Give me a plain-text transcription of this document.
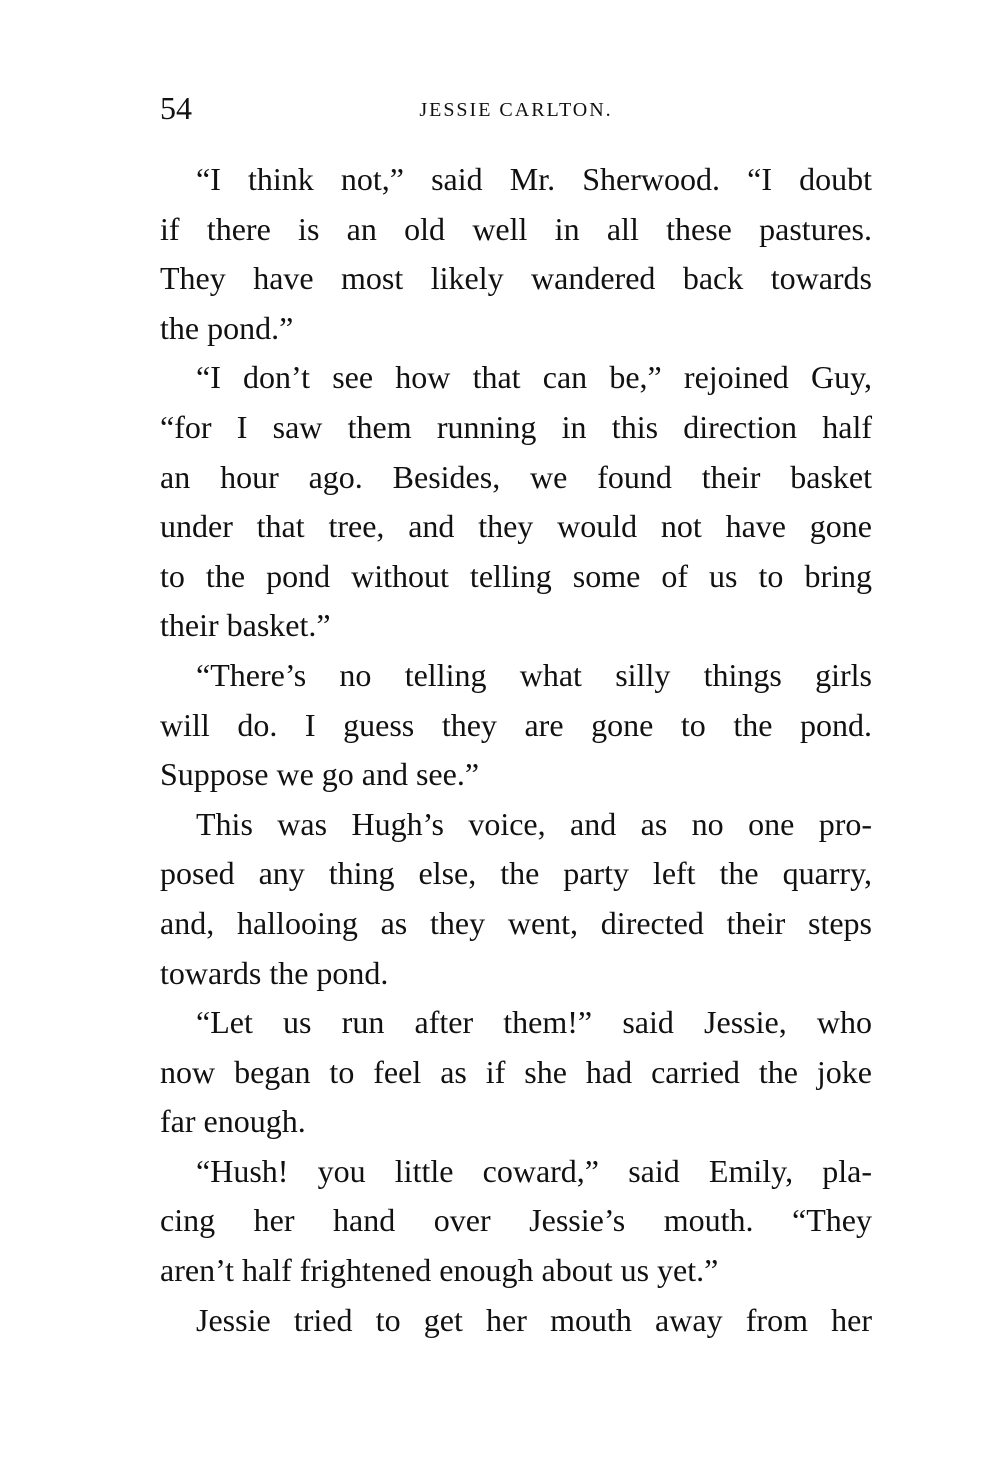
54	JESSIE CARLTON.
“I think not,” said Mr. Sherwood. “I doubt
if there is an old well in all these pastures.
They have most likely wandered back towards
the pond.”
“I don’t see how that can be,” rejoined Guy,
“for I saw them running in this direction half
an hour ago. Besides, we found their basket
under that tree, and they would not have gone
to the pond without telling some of us to bring
their basket.”
“There’s no telling what silly things girls
will do. I guess they are gone to the pond.
Suppose we go and see.”
This was Hugh’s voice, and as no one pro-
posed any thing else, the party left the quarry,
and, hallooing as they went, directed their steps
towards the pond.
“Let us run after them!” said Jessie, who
now began to feel as if she had carried the joke
far enough.
“Hush! you little coward,” said Emily, pla-
cing her hand over Jessie’s mouth. “They
aren’t half frightened enough about us yet.”
Jessie tried to get her mouth away from her
